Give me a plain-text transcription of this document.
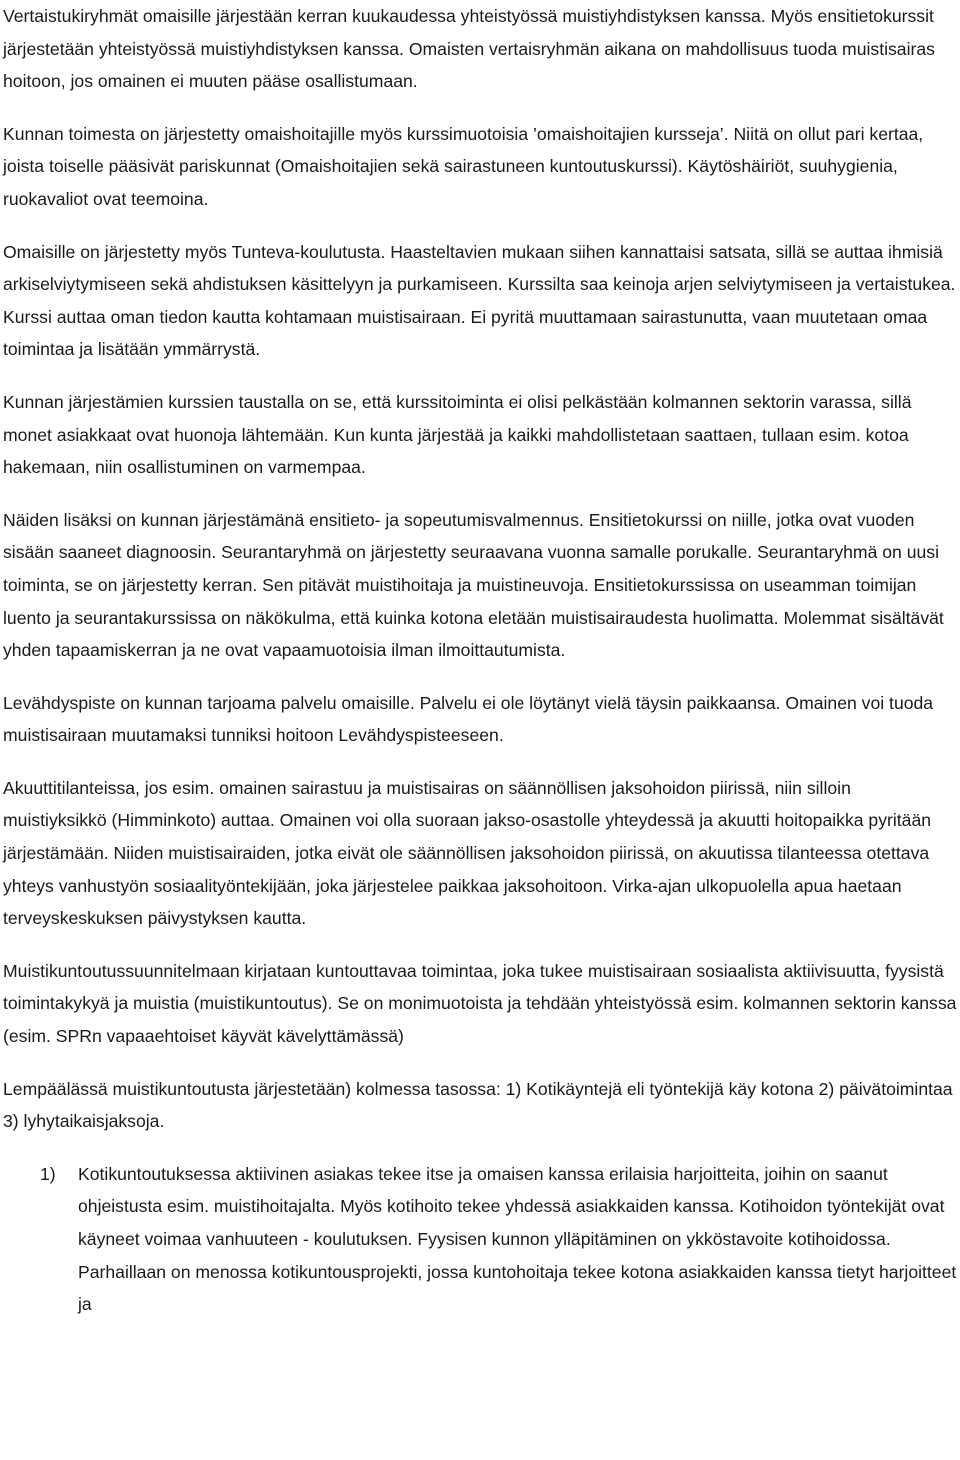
Vertaistukiryhmät omaisille järjestään kerran kuukaudessa yhteistyössä muistiyhdistyksen kanssa. Myös ensitietokurssit järjestetään yhteistyössä muistiyhdistyksen kanssa. Omaisten vertaisryhmän aikana on mahdollisuus tuoda muistisairas hoitoon, jos omainen ei muuten pääse osallistumaan.

Kunnan toimesta on järjestetty omaishoitajille myös kurssimuotoisia ’omaishoitajien kursseja’. Niitä on ollut pari kertaa, joista toiselle pääsivät pariskunnat (Omaishoitajien sekä sairastuneen kuntoutuskurssi). Käytöshäiriöt, suuhygienia, ruokavaliot ovat teemoina.

Omaisille on järjestetty myös Tunteva-koulutusta. Haasteltavien mukaan siihen kannattaisi satsata, sillä se auttaa ihmisiä arkiselviytymiseen sekä ahdistuksen käsittelyyn ja purkamiseen. Kurssilta saa keinoja arjen selviytymiseen ja vertaistukea. Kurssi auttaa oman tiedon kautta kohtamaan muistisairaan. Ei pyritä muuttamaan sairastunutta, vaan muutetaan omaa toimintaa ja lisätään ymmärrystä.

Kunnan järjestämien kurssien taustalla on se, että kurssitoiminta ei olisi pelkästään kolmannen sektorin varassa, sillä monet asiakkaat ovat huonoja lähtemään. Kun kunta järjestää ja kaikki mahdollistetaan saattaen, tullaan esim. kotoa hakemaan, niin osallistuminen on varmempaa.

Näiden lisäksi on kunnan järjestämänä ensitieto- ja sopeutumisvalmennus. Ensitietokurssi on niille, jotka ovat vuoden sisään saaneet diagnoosin. Seurantaryhmä on järjestetty seuraavana vuonna samalle porukalle. Seurantaryhmä on uusi toiminta, se on järjestetty kerran. Sen pitävät muistihoitaja ja muistineuvoja. Ensitietokurssissa on useamman toimijan luento ja seurantakurssissa on näkökulma, että kuinka kotona eletään muistisairaudesta huolimatta. Molemmat sisältävät yhden tapaamiskerran ja ne ovat vapaamuotoisia ilman ilmoittautumista.

Levähdyspiste on kunnan tarjoama palvelu omaisille. Palvelu ei ole löytänyt vielä täysin paikkaansa. Omainen voi tuoda muistisairaan muutamaksi tunniksi hoitoon Levähdyspisteeseen.

Akuuttitilanteissa, jos esim. omainen sairastuu ja muistisairas on säännöllisen jaksohoidon piirissä, niin silloin muistiyksikkö (Himminkoto) auttaa. Omainen voi olla suoraan jakso-osastolle yhteydessä ja akuutti hoitopaikka pyritään järjestämään. Niiden muistisairaiden, jotka eivät ole säännöllisen jaksohoidon piirissä, on akuutissa tilanteessa otettava yhteys vanhustyön sosiaalityöntekijään, joka järjestelee paikkaa jaksohoitoon. Virka-ajan ulkopuolella apua haetaan terveyskeskuksen päivystyksen kautta.

Muistikuntoutussuunnitelmaan kirjataan kuntouttavaa toimintaa, joka tukee muistisairaan sosiaalista aktiivisuutta, fyysistä toimintakykyä ja muistia (muistikuntoutus). Se on monimuotoista ja tehdään yhteistyössä esim. kolmannen sektorin kanssa (esim. SPRn vapaaehtoiset käyvät kävelyttämässä)

Lempäälässä muistikuntoutusta järjestetään) kolmessa tasossa: 1) Kotikäyntejä eli työntekijä käy kotona 2) päivätoimintaa 3) lyhytaikaisjaksoja.

1) Kotikuntoutuksessa aktiivinen asiakas tekee itse ja omaisen kanssa erilaisia harjoitteita, joihin on saanut ohjeistusta esim. muistihoitajalta. Myös kotihoito tekee yhdessä asiakkaiden kanssa. Kotihoidon työntekijät ovat käyneet voimaa vanhuuteen - koulutuksen. Fyysisen kunnon ylläpitäminen on ykköstavoite kotihoidossa. Parhaillaan on menossa kotikuntousprojekti, jossa kuntohoitaja tekee kotona asiakkaiden kanssa tietyt harjoitteet ja
